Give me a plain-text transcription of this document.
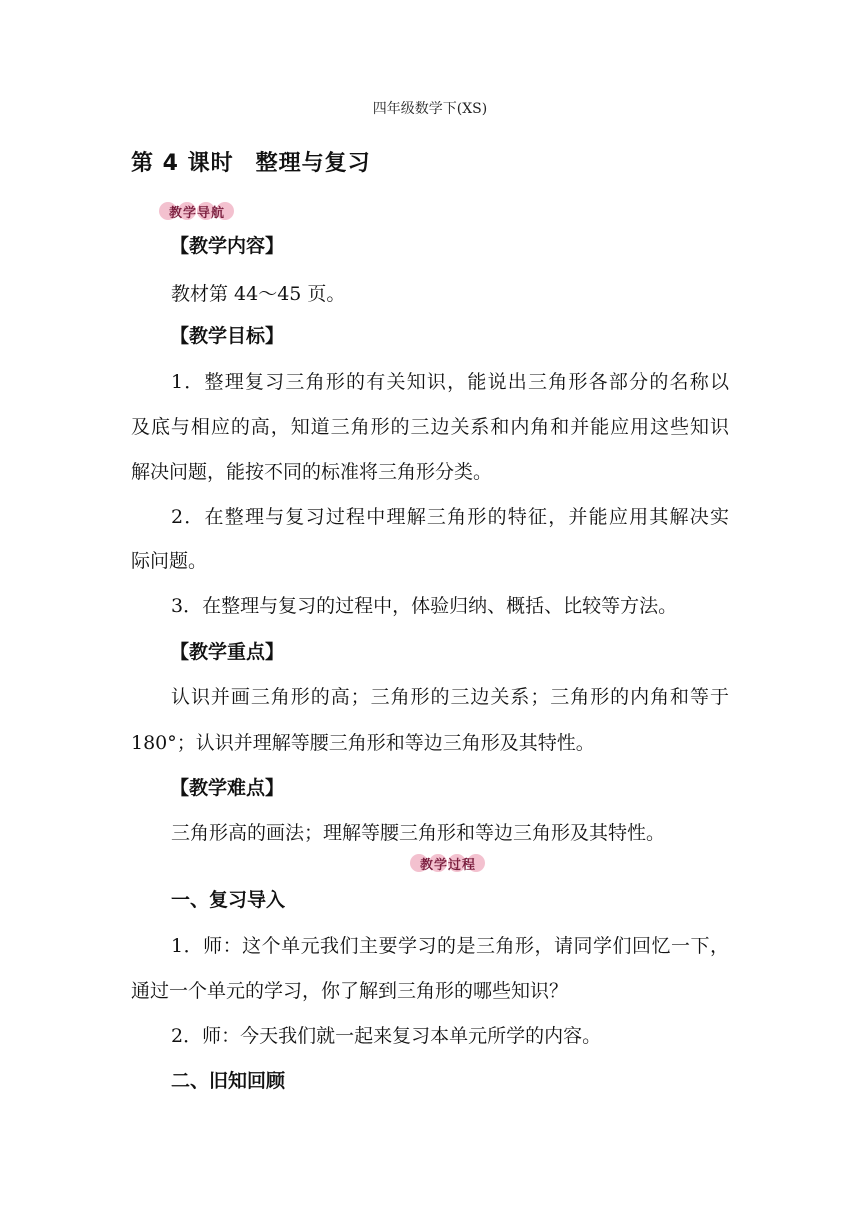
四年级数学下(XS)
第 4 课时 整理与复习
教学导航
【教学内容】
教材第 44～45 页。
【教学目标】
1．整理复习三角形的有关知识，能说出三角形各部分的名称以
及底与相应的高，知道三角形的三边关系和内角和并能应用这些知识
解决问题，能按不同的标准将三角形分类。
2．在整理与复习过程中理解三角形的特征，并能应用其解决实
际问题。
3．在整理与复习的过程中，体验归纳、概括、比较等方法。
【教学重点】
认识并画三角形的高；三角形的三边关系；三角形的内角和等于
180°；认识并理解等腰三角形和等边三角形及其特性。
【教学难点】
三角形高的画法；理解等腰三角形和等边三角形及其特性。
教学过程
一、复习导入
1．师：这个单元我们主要学习的是三角形，请同学们回忆一下，
通过一个单元的学习，你了解到三角形的哪些知识？
2．师：今天我们就一起来复习本单元所学的内容。
二、旧知回顾
